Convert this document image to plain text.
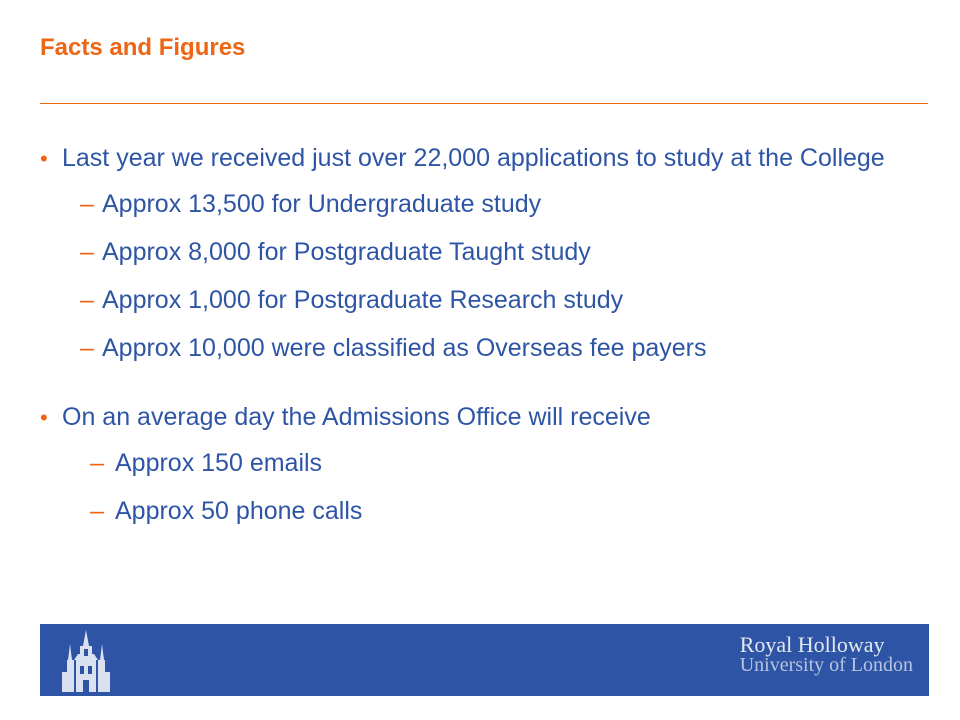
Facts and Figures
• Last year we received just over 22,000 applications to study at the College
– Approx 13,500 for Undergraduate study
– Approx 8,000 for Postgraduate Taught study
– Approx 1,000 for Postgraduate Research study
– Approx 10,000 were classified as Overseas fee payers
• On an average day the Admissions Office will receive
– Approx 150 emails
– Approx 50 phone calls
Royal Holloway
University of London
